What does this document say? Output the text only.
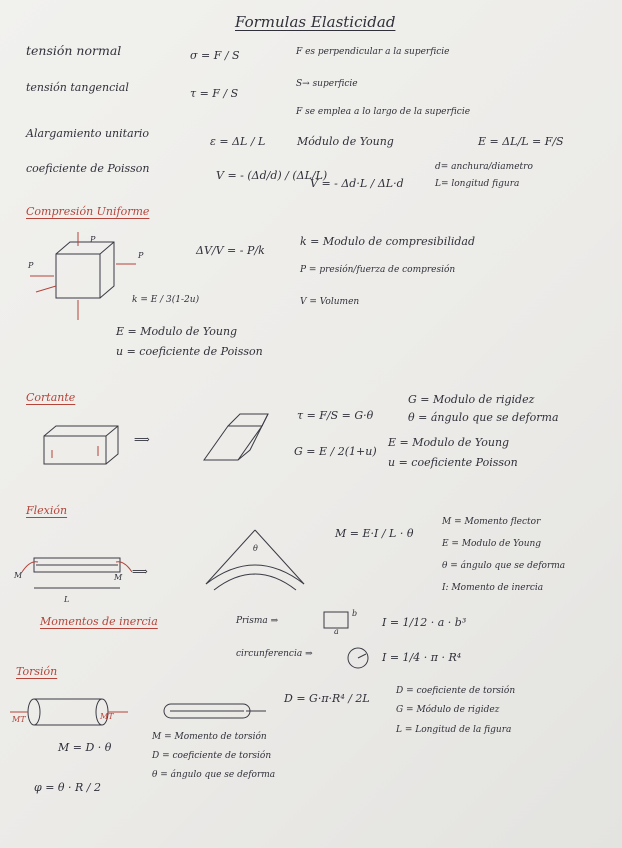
Formulas Elasticidad
tensión normal	σ = F / S	F es perpendicular a la superficie
tensión tangencial	τ = F / S
S→ superficie
F se emplea a lo largo de la superficie
Alargamiento unitario
ε = ΔL / L	Módulo de Young	E = ΔL/L = F/S
coeficiente de Poisson
V = - (Δd/d) / (ΔL/L)
V = - Δd·L / ΔL·d
d= anchura/diametro
L= longitud figura
Compresión Uniforme
P
P
P	ΔV/V = - P/k
k = Modulo de compresibilidad
P = presión/fuerza de compresión
V = Volumen
k = E / 3(1-2u)
E = Modulo de Young
u = coeficiente de Poisson
Cortante
⟹
τ = F/S = G·θ
G = E / 2(1+u)
G = Modulo de rigidez
θ = ángulo que se deforma
E = Modulo de Young
u = coeficiente Poisson
Flexión
M	M
L
⟹
θ
M = E·I / L · θ
M = Momento flector
E = Modulo de Young
θ = ángulo que se deforma
I: Momento de inercia
Momentos de inercia	Prisma ⇒
b
a
I = 1/12 · a · b³
circunferencia ⇒	I = 1/4 · π · R⁴
Torsión
MT	MT
D = G·π·R⁴ / 2L
D = coeficiente de torsión
G = Módulo de rigidez
L = Longitud de la figura
M = D · θ
M = Momento de torsión
D = coeficiente de torsión
θ = ángulo que se deforma
φ = θ · R / 2
